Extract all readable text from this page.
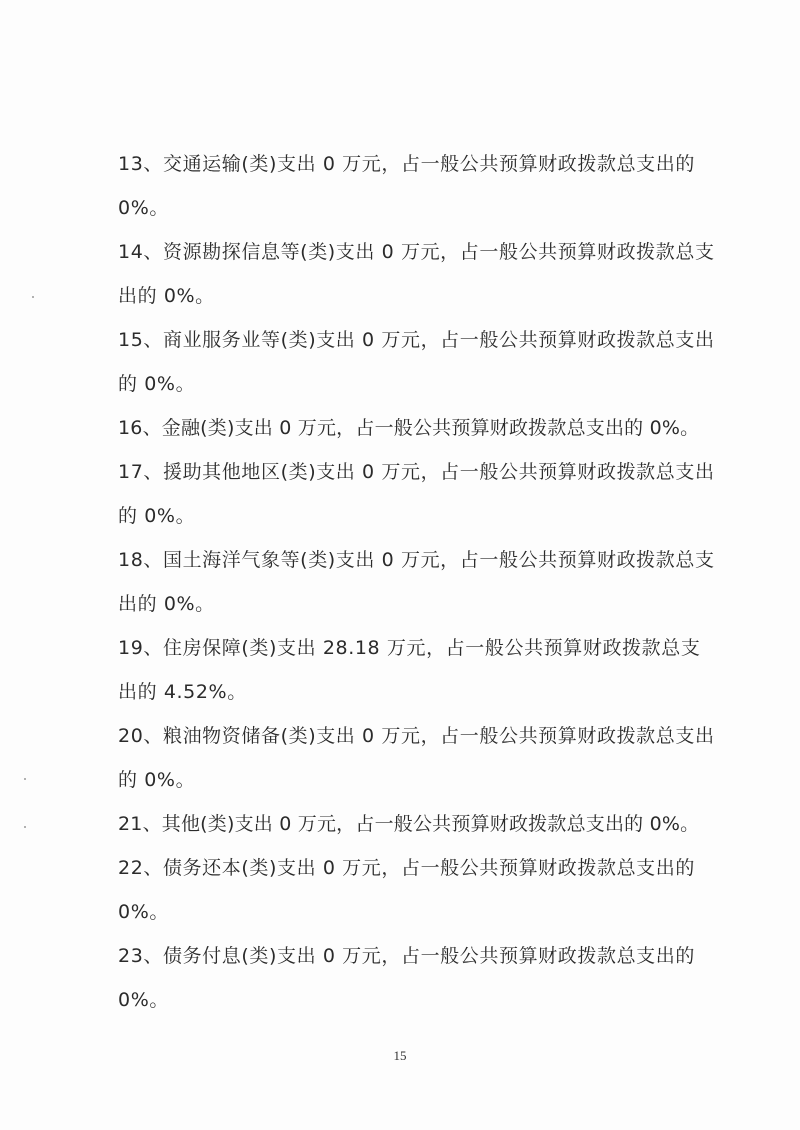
13、交通运输(类)支出 0 万元，占一般公共预算财政拨款总支出的0%。

14、资源勘探信息等(类)支出 0 万元，占一般公共预算财政拨款总支出的 0%。

15、商业服务业等(类)支出 0 万元，占一般公共预算财政拨款总支出的 0%。

16、金融(类)支出 0 万元，占一般公共预算财政拨款总支出的 0%。

17、援助其他地区(类)支出 0 万元，占一般公共预算财政拨款总支出的 0%。

18、国土海洋气象等(类)支出 0 万元，占一般公共预算财政拨款总支出的 0%。

19、住房保障(类)支出 28.18 万元，占一般公共预算财政拨款总支出的 4.52%。

20、粮油物资储备(类)支出 0 万元，占一般公共预算财政拨款总支出的 0%。

21、其他(类)支出 0 万元，占一般公共预算财政拨款总支出的 0%。

22、债务还本(类)支出 0 万元，占一般公共预算财政拨款总支出的0%。

23、债务付息(类)支出 0 万元，占一般公共预算财政拨款总支出的0%。

15
